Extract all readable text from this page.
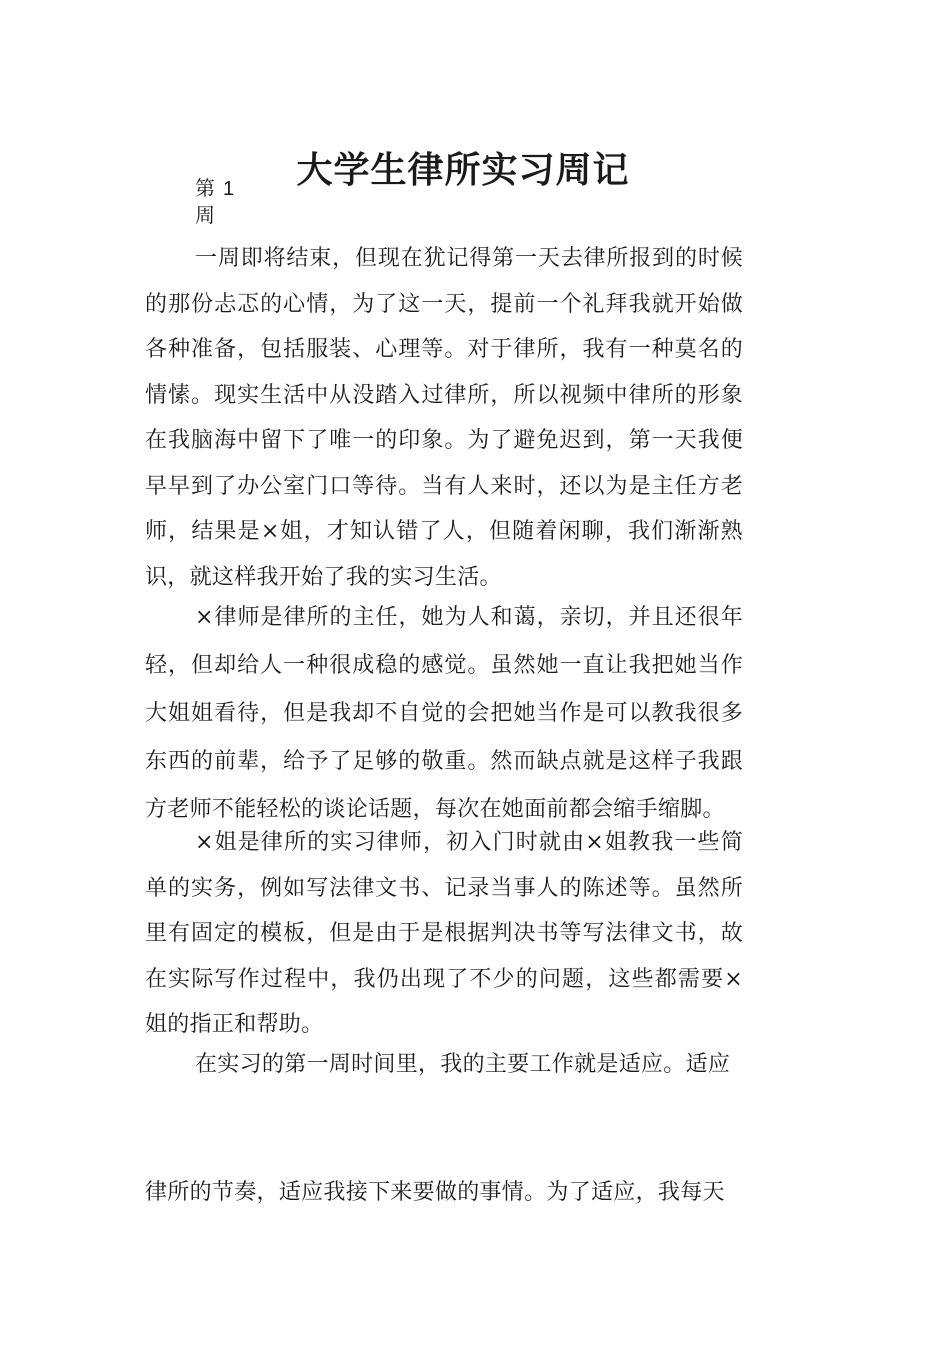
大学生律所实习周记
第 1
周

一周即将结束，但现在犹记得第一天去律所报到的时候的那份忐忑的心情，为了这一天，提前一个礼拜我就开始做各种准备，包括服装、心理等。对于律所，我有一种莫名的情愫。现实生活中从没踏入过律所，所以视频中律所的形象在我脑海中留下了唯一的印象。为了避免迟到，第一天我便早早到了办公室门口等待。当有人来时，还以为是主任方老师，结果是×姐，才知认错了人，但随着闲聊，我们渐渐熟识，就这样我开始了我的实习生活。

×律师是律所的主任，她为人和蔼，亲切，并且还很年轻，但却给人一种很成稳的感觉。虽然她一直让我把她当作大姐姐看待，但是我却不自觉的会把她当作是可以教我很多东西的前辈，给予了足够的敬重。然而缺点就是这样子我跟方老师不能轻松的谈论话题，每次在她面前都会缩手缩脚。

×姐是律所的实习律师，初入门时就由×姐教我一些简单的实务，例如写法律文书、记录当事人的陈述等。虽然所里有固定的模板，但是由于是根据判决书等写法律文书，故在实际写作过程中，我仍出现了不少的问题，这些都需要×姐的指正和帮助。

在实习的第一周时间里，我的主要工作就是适应。适应

律所的节奏，适应我接下来要做的事情。为了适应，我每天
